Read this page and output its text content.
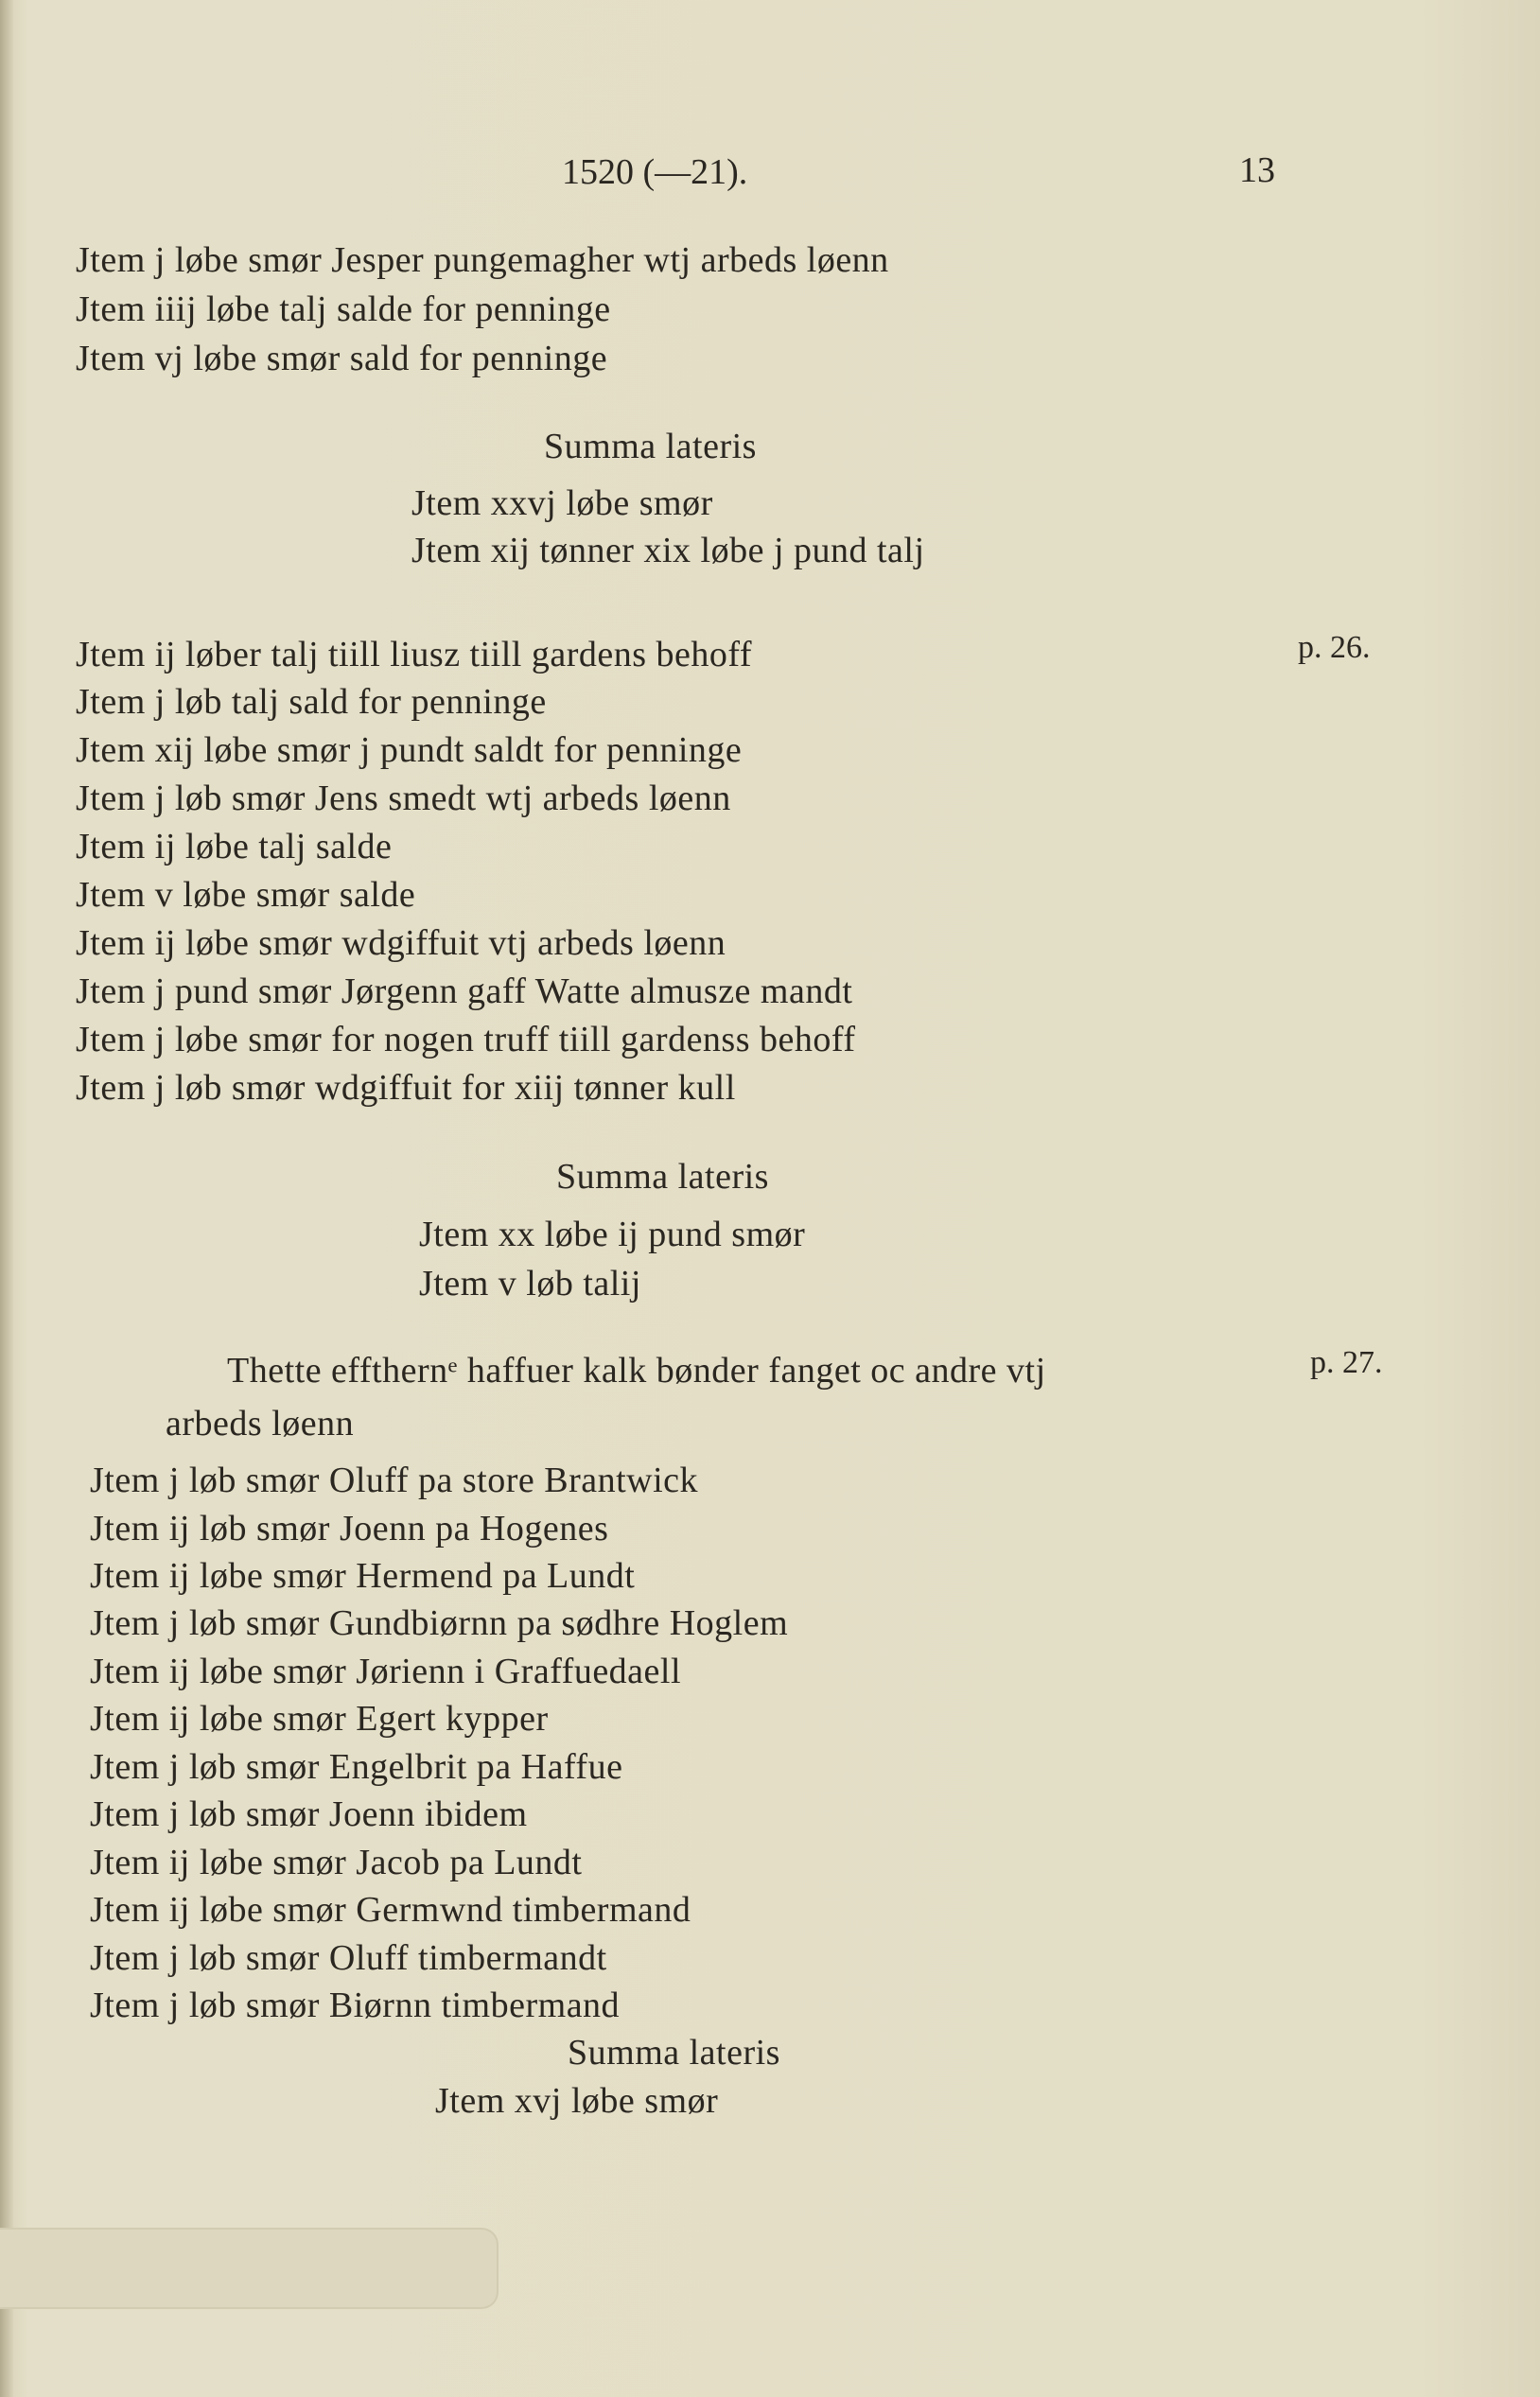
1520 (—21).	13
Jtem j løbe smør Jesper pungemagher wtj arbeds løenn
Jtem iiij løbe talj salde for penninge
Jtem vj løbe smør sald for penninge
Summa lateris
Jtem xxvj løbe smør
Jtem xij tønner xix løbe j pund talj
Jtem ij løber talj tiill liusz tiill gardens behoff	p. 26.
Jtem j løb talj sald for penninge
Jtem xij løbe smør j pundt saldt for penninge
Jtem j løb smør Jens smedt wtj arbeds løenn
Jtem ij løbe talj salde
Jtem v løbe smør salde
Jtem ij løbe smør wdgiffuit vtj arbeds løenn
Jtem j pund smør Jørgenn gaff Watte almusze mandt
Jtem j løbe smør for nogen truff tiill gardenss behoff
Jtem j løb smør wdgiffuit for xiij tønner kull
Summa lateris
Jtem xx løbe ij pund smør
Jtem v løb talij
Thette effthernᵉ haffuer kalk bønder fanget oc andre vtj	p. 27.
arbeds løenn
Jtem j løb smør Oluff pa store Brantwick
Jtem ij løb smør Joenn pa Hogenes
Jtem ij løbe smør Hermend pa Lundt
Jtem j løb smør Gundbiørnn pa sødhre Hoglem
Jtem ij løbe smør Jørienn i Graffuedaell
Jtem ij løbe smør Egert kypper
Jtem j løb smør Engelbrit pa Haffue
Jtem j løb smør Joenn ibidem
Jtem ij løbe smør Jacob pa Lundt
Jtem ij løbe smør Germwnd timbermand
Jtem j løb smør Oluff timbermandt
Jtem j løb smør Biørnn timbermand
Summa lateris
Jtem xvj løbe smør
